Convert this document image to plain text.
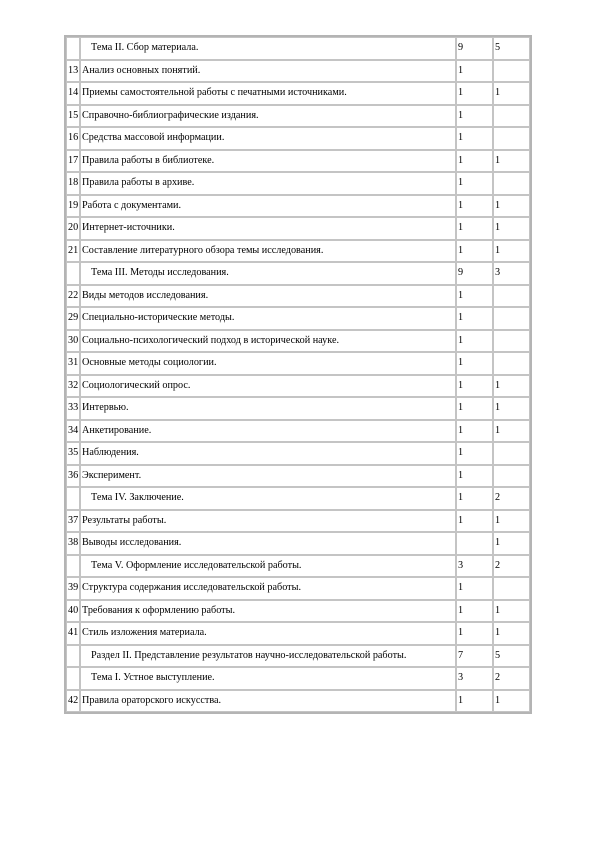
	Тема II. Сбор материала.	9	5
13	Анализ основных понятий.	1	
14	Приемы самостоятельной работы с печатными источниками.	1	1
15	Справочно-библиографические издания.	1	
16	Средства массовой информации.	1	
17	Правила работы в библиотеке.	1	1
18	Правила работы в архиве.	1	
19	Работа с документами.	1	1
20	Интернет-источники.	1	1
21	Составление литературного обзора темы исследования.	1	1
	Тема III. Методы исследования.	9	3
22	Виды методов исследования.	1	
29	Специально-исторические методы.	1	
30	Социально-психологический подход в исторической науке.	1	
31	Основные методы социологии.	1	
32	Социологический опрос.	1	1
33	Интервью.	1	1
34	Анкетирование.	1	1
35	Наблюдения.	1	
36	Эксперимент.	1	
	Тема IV. Заключение.	1	2
37	Результаты работы.	1	1
38	Выводы исследования.		1
	Тема V. Оформление исследовательской работы.	3	2
39	Структура содержания исследовательской работы.	1	
40	Требования к оформлению работы.	1	1
41	Стиль изложения материала.	1	1
	Раздел II. Представление результатов научно-исследовательской работы.	7	5
	Тема I. Устное выступление.	3	2
42	Правила ораторского искусства.	1	1
